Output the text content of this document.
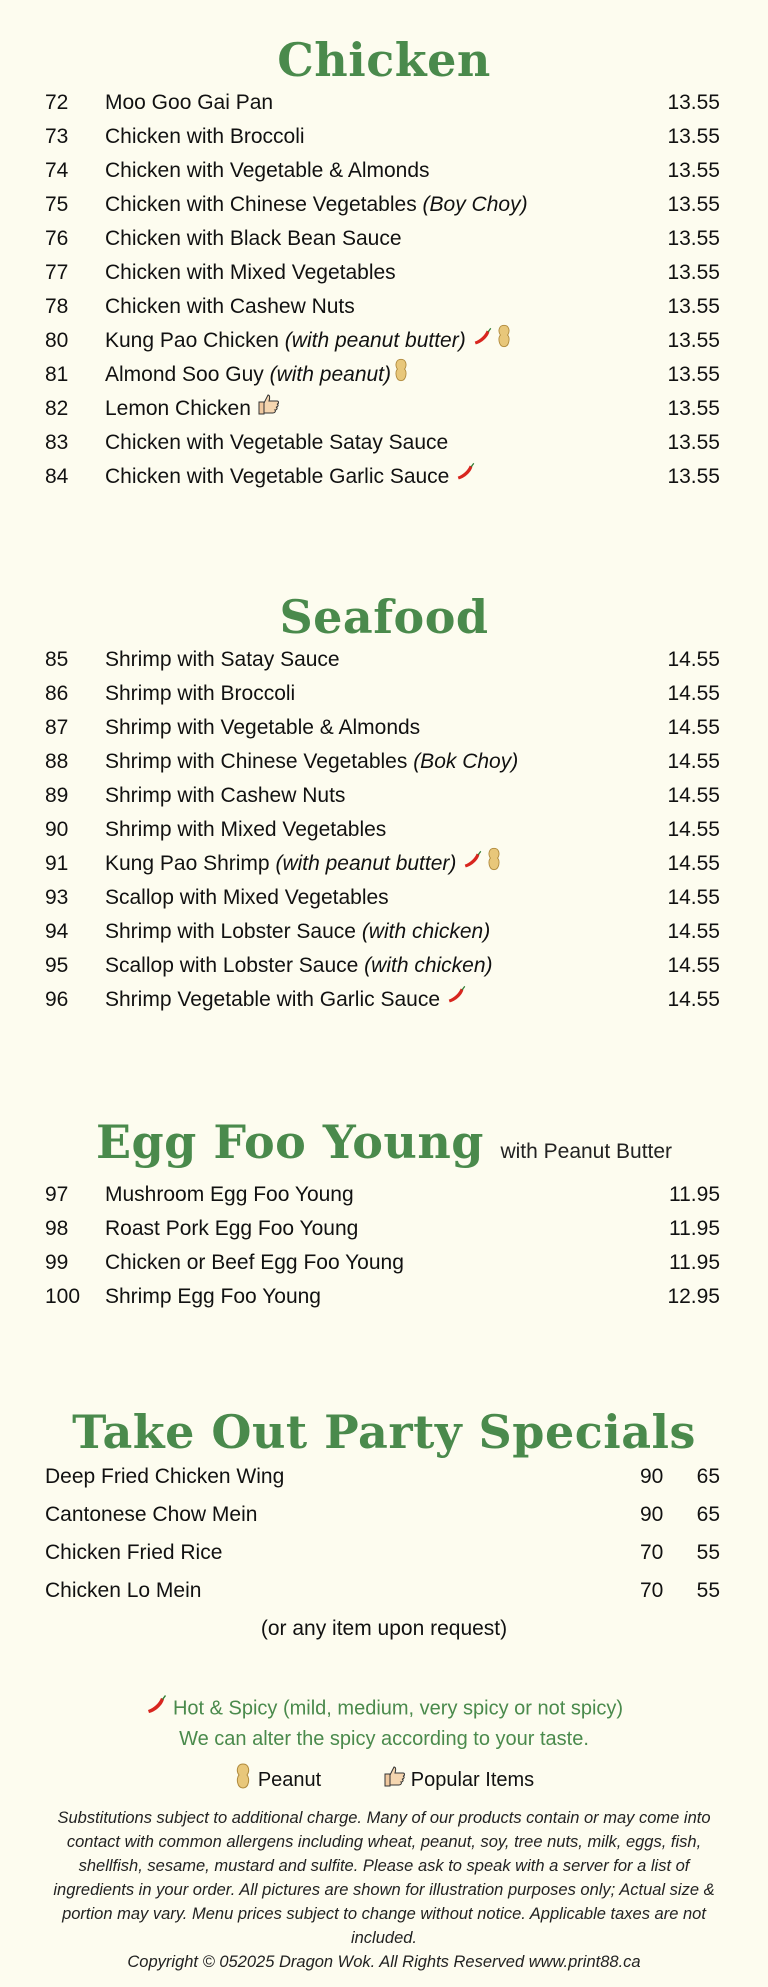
Chicken
72 Moo Goo Gai Pan	13.55
73 Chicken with Broccoli	13.55
74 Chicken with Vegetable & Almonds	13.55
75 Chicken with Chinese Vegetables (Boy Choy)	13.55
76 Chicken with Black Bean Sauce	13.55
77 Chicken with Mixed Vegetables	13.55
78 Chicken with Cashew Nuts	13.55
80 Kung Pao Chicken (with peanut butter)	13.55
81 Almond Soo Guy (with peanut)	13.55
82 Lemon Chicken	13.55
83 Chicken with Vegetable Satay Sauce	13.55
84 Chicken with Vegetable Garlic Sauce	13.55
Seafood
85 Shrimp with Satay Sauce	14.55
86 Shrimp with Broccoli	14.55
87 Shrimp with Vegetable & Almonds	14.55
88 Shrimp with Chinese Vegetables (Bok Choy)	14.55
89 Shrimp with Cashew Nuts	14.55
90 Shrimp with Mixed Vegetables	14.55
91 Kung Pao Shrimp (with peanut butter)	14.55
93 Scallop with Mixed Vegetables	14.55
94 Shrimp with Lobster Sauce (with chicken)	14.55
95 Scallop with Lobster Sauce (with chicken)	14.55
96 Shrimp Vegetable with Garlic Sauce	14.55
Egg Foo Young with Peanut Butter
97 Mushroom Egg Foo Young	11.95
98 Roast Pork Egg Foo Young	11.95
99 Chicken or Beef Egg Foo Young	11.95
100 Shrimp Egg Foo Young	12.95
Take Out Party Specials
Deep Fried Chicken Wing	90 65
Cantonese Chow Mein	90 65
Chicken Fried Rice	70 55
Chicken Lo Mein	70 55
(or any item upon request)
Hot & Spicy (mild, medium, very spicy or not spicy)
We can alter the spicy according to your taste.
Peanut	Popular Items
Substitutions subject to additional charge. Many of our products contain or may come into contact with common allergens including wheat, peanut, soy, tree nuts, milk, eggs, fish, shellfish, sesame, mustard and sulfite. Please ask to speak with a server for a list of ingredients in your order. All pictures are shown for illustration purposes only; Actual size & portion may vary. Menu prices subject to change without notice. Applicable taxes are not included.
Copyright © 052025 Dragon Wok. All Rights Reserved www.print88.ca
